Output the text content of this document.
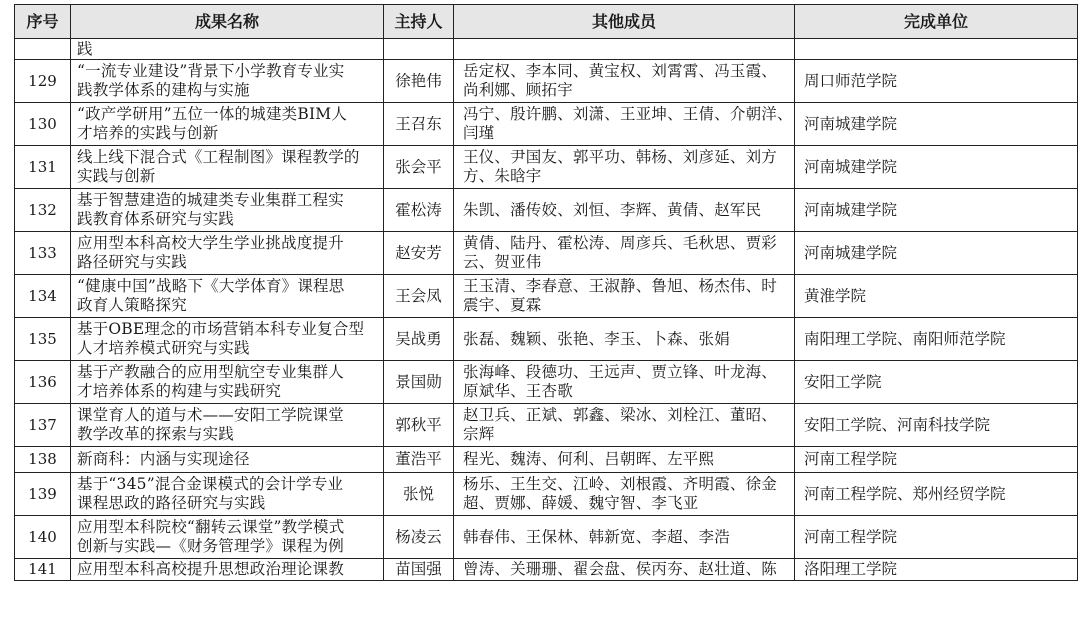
序号	成果名称	主持人	其他成员	完成单位

	践			

129	“一流专业建设”背景下小学教育专业实
践教学体系的建构与实施	徐艳伟	岳定权、李本同、黄宝权、刘霄霄、冯玉霞、
尚利娜、顾拓宇	周口师范学院
130	“政产学研用”五位一体的城建类BIM人
才培养的实践与创新	王召东	冯宁、殷许鹏、刘潇、王亚坤、王倩、介朝洋、
闫瑾	河南城建学院
131	线上线下混合式《工程制图》课程教学的
实践与创新	张会平	王仪、尹国友、郭平功、韩杨、刘彦延、刘方
方、朱晗宇	河南城建学院
132	基于智慧建造的城建类专业集群工程实
践教育体系研究与实践	霍松涛	朱凯、潘传姣、刘恒、李辉、黄倩、赵军民	河南城建学院
133	应用型本科高校大学生学业挑战度提升
路径研究与实践	赵安芳	黄倩、陆丹、霍松涛、周彦兵、毛秋思、贾彩
云、贺亚伟	河南城建学院
134	“健康中国”战略下《大学体育》课程思
政育人策略探究	王会凤	王玉清、李春意、王淑静、鲁旭、杨杰伟、时
震宇、夏霖	黄淮学院
135	基于OBE理念的市场营销本科专业复合型
人才培养模式研究与实践	吴战勇	张磊、魏颖、张艳、李玉、卜森、张娟	南阳理工学院、南阳师范学院
136	基于产教融合的应用型航空专业集群人
才培养体系的构建与实践研究	景国勋	张海峰、段德功、王远声、贾立锋、叶龙海、
原斌华、王杏歌	安阳工学院
137	课堂育人的道与术——安阳工学院课堂
教学改革的探索与实践	郭秋平	赵卫兵、正斌、郭鑫、梁冰、刘栓江、董昭、
宗辉	安阳工学院、河南科技学院
138	新商科：内涵与实现途径	董浩平	程光、魏涛、何利、吕朝晖、左平熙	河南工程学院
139	基于“345”混合金课模式的会计学专业
课程思政的路径研究与实践	张悦	杨乐、王生交、江岭、刘根霞、齐明霞、徐金
超、贾娜、薛媛、魏守智、李飞亚	河南工程学院、郑州经贸学院
140	应用型本科院校“翻转云课堂”教学模式
创新与实践—《财务管理学》课程为例	杨凌云	韩春伟、王保林、韩新宽、李超、李浩	河南工程学院
141	应用型本科高校提升思想政治理论课教	苗国强	曾涛、关珊珊、翟会盘、侯丙夯、赵壮道、陈	洛阳理工学院
